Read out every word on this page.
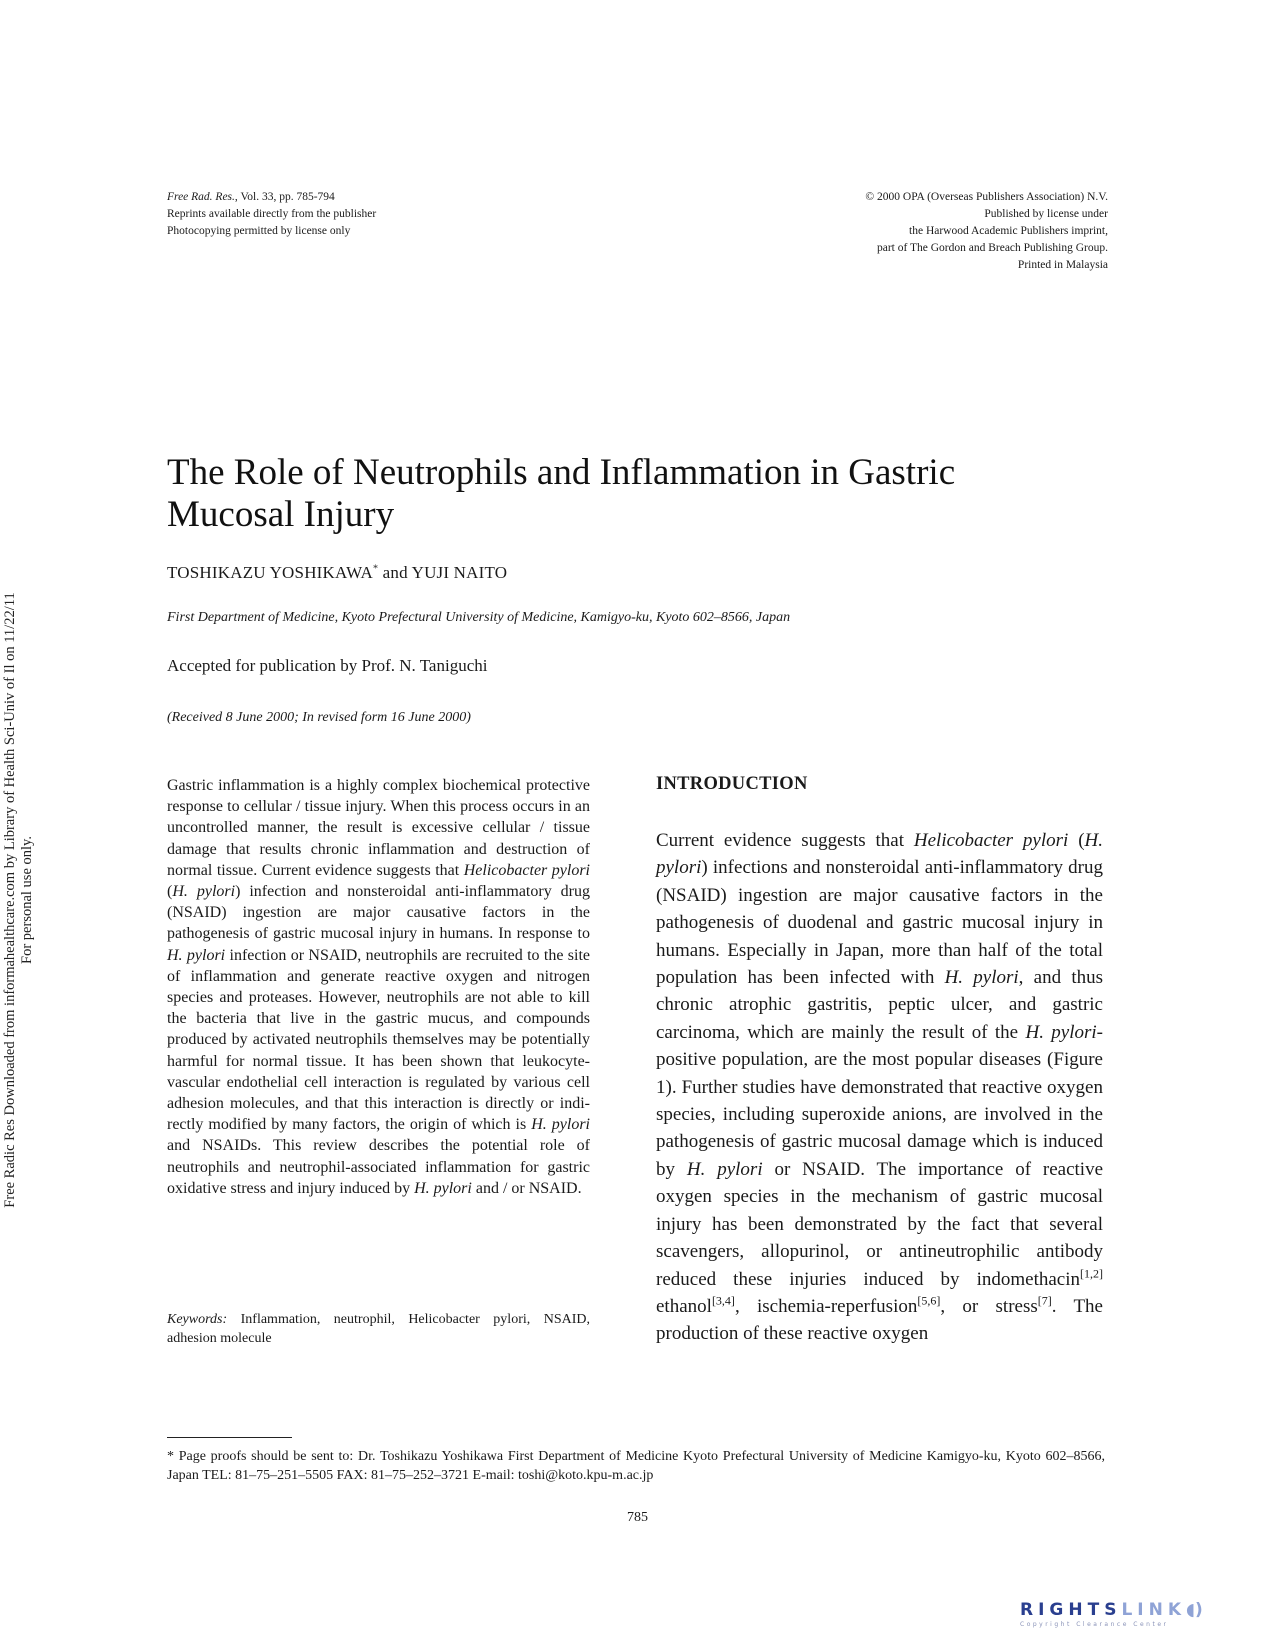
Free Rad. Res., Vol. 33, pp. 785-794
Reprints available directly from the publisher
Photocopying permitted by license only
© 2000 OPA (Overseas Publishers Association) N.V.
Published by license under
the Harwood Academic Publishers imprint,
part of The Gordon and Breach Publishing Group.
Printed in Malaysia
Free Radic Res Downloaded from informahealthcare.com by Library of Health Sci-Univ of Il on 11/22/11 For personal use only.
The Role of Neutrophils and Inflammation in Gastric
Mucosal Injury
TOSHIKAZU YOSHIKAWA* and YUJI NAITO
First Department of Medicine, Kyoto Prefectural University of Medicine, Kamigyo-ku, Kyoto 602–8566, Japan
Accepted for publication by Prof. N. Taniguchi
(Received 8 June 2000; In revised form 16 June 2000)
Gastric inflammation is a highly complex biochemical protective response to cellular / tissue injury. When this process occurs in an uncontrolled manner, the result is excessive cellular / tissue damage that results chronic inflammation and destruction of normal tissue. Current evidence suggests that Helicobacter pylori (H. pylori) infection and nonsteroidal anti-inflammatory drug (NSAID) ingestion are major causative factors in the pathogenesis of gastric mucosal injury in humans. In response to H. pylori infection or NSAID, neutrophils are recruited to the site of inflammation and generate reactive oxygen and nitrogen species and proteases. However, neutrophils are not able to kill the bacteria that live in the gastric mucus, and compounds produced by activated neutrophils themselves may be potentially harmful for normal tissue. It has been shown that leukocyte-vascular endothelial cell interaction is regulated by various cell adhesion molecules, and that this interaction is directly or indirectly modified by many factors, the origin of which is H. pylori and NSAIDs. This review describes the potential role of neutrophils and neutrophil-associated inflammation for gastric oxidative stress and injury induced by H. pylori and / or NSAID.
Keywords: Inflammation, neutrophil, Helicobacter pylori, NSAID, adhesion molecule
INTRODUCTION
Current evidence suggests that Helicobacter pylori (H. pylori) infections and nonsteroidal anti-inflammatory drug (NSAID) ingestion are major causative factors in the pathogenesis of duodenal and gastric mucosal injury in humans. Especially in Japan, more than half of the total population has been infected with H. pylori, and thus chronic atrophic gastritis, peptic ulcer, and gastric carcinoma, which are mainly the result of the H. pylori-positive population, are the most popular diseases (Figure 1). Further studies have demonstrated that reactive oxygen species, including superoxide anions, are involved in the pathogenesis of gastric mucosal damage which is induced by H. pylori or NSAID. The importance of reactive oxygen species in the mechanism of gastric mucosal injury has been demonstrated by the fact that several scavengers, allopurinol, or antineutrophilic antibody reduced these injuries induced by indomethacin[1,2] ethanol[3,4], ischemia-reperfusion[5,6], or stress[7]. The production of these reactive oxygen
* Page proofs should be sent to: Dr. Toshikazu Yoshikawa First Department of Medicine Kyoto Prefectural University of Medicine Kamigyo-ku, Kyoto 602–8566, Japan TEL: 81–75–251–5505 FAX: 81–75–252–3721 E-mail: toshi@koto.kpu-m.ac.jp
785
RIGHTSLINK◖)
Copyright Clearance Center
